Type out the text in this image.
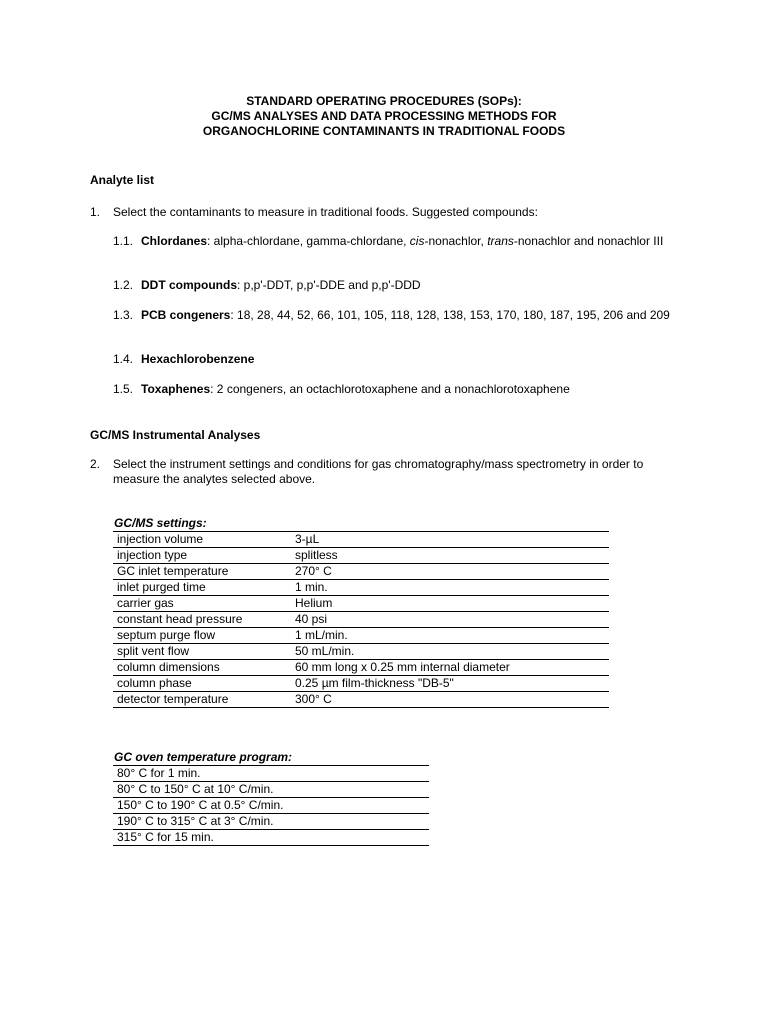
STANDARD OPERATING PROCEDURES (SOPs):
GC/MS ANALYSES AND DATA PROCESSING METHODS FOR
ORGANOCHLORINE CONTAMINANTS IN TRADITIONAL FOODS
Analyte list
1. Select the contaminants to measure in traditional foods. Suggested compounds:
1.1. Chlordanes: alpha-chlordane, gamma-chlordane, cis-nonachlor, trans-nonachlor and nonachlor III
1.2. DDT compounds: p,p'-DDT, p,p'-DDE and p,p'-DDD
1.3. PCB congeners: 18, 28, 44, 52, 66, 101, 105, 118, 128, 138, 153, 170, 180, 187, 195, 206 and 209
1.4. Hexachlorobenzene
1.5. Toxaphenes: 2 congeners, an octachlorotoxaphene and a nonachlorotoxaphene
GC/MS Instrumental Analyses
2. Select the instrument settings and conditions for gas chromatography/mass spectrometry in order to measure the analytes selected above.
GC/MS settings:
injection volume	3-µL
injection type	splitless
GC inlet temperature	270° C
inlet purged time	1 min.
carrier gas	Helium
constant head pressure	40 psi
septum purge flow	1 mL/min.
split vent flow	50 mL/min.
column dimensions	60 mm long x 0.25 mm internal diameter
column phase	0.25 µm film-thickness "DB-5"
detector temperature	300° C
GC oven temperature program:
80° C for 1 min.
80° C to 150° C at 10° C/min.
150° C to 190° C at 0.5° C/min.
190° C to 315° C at 3° C/min.
315° C for 15 min.
